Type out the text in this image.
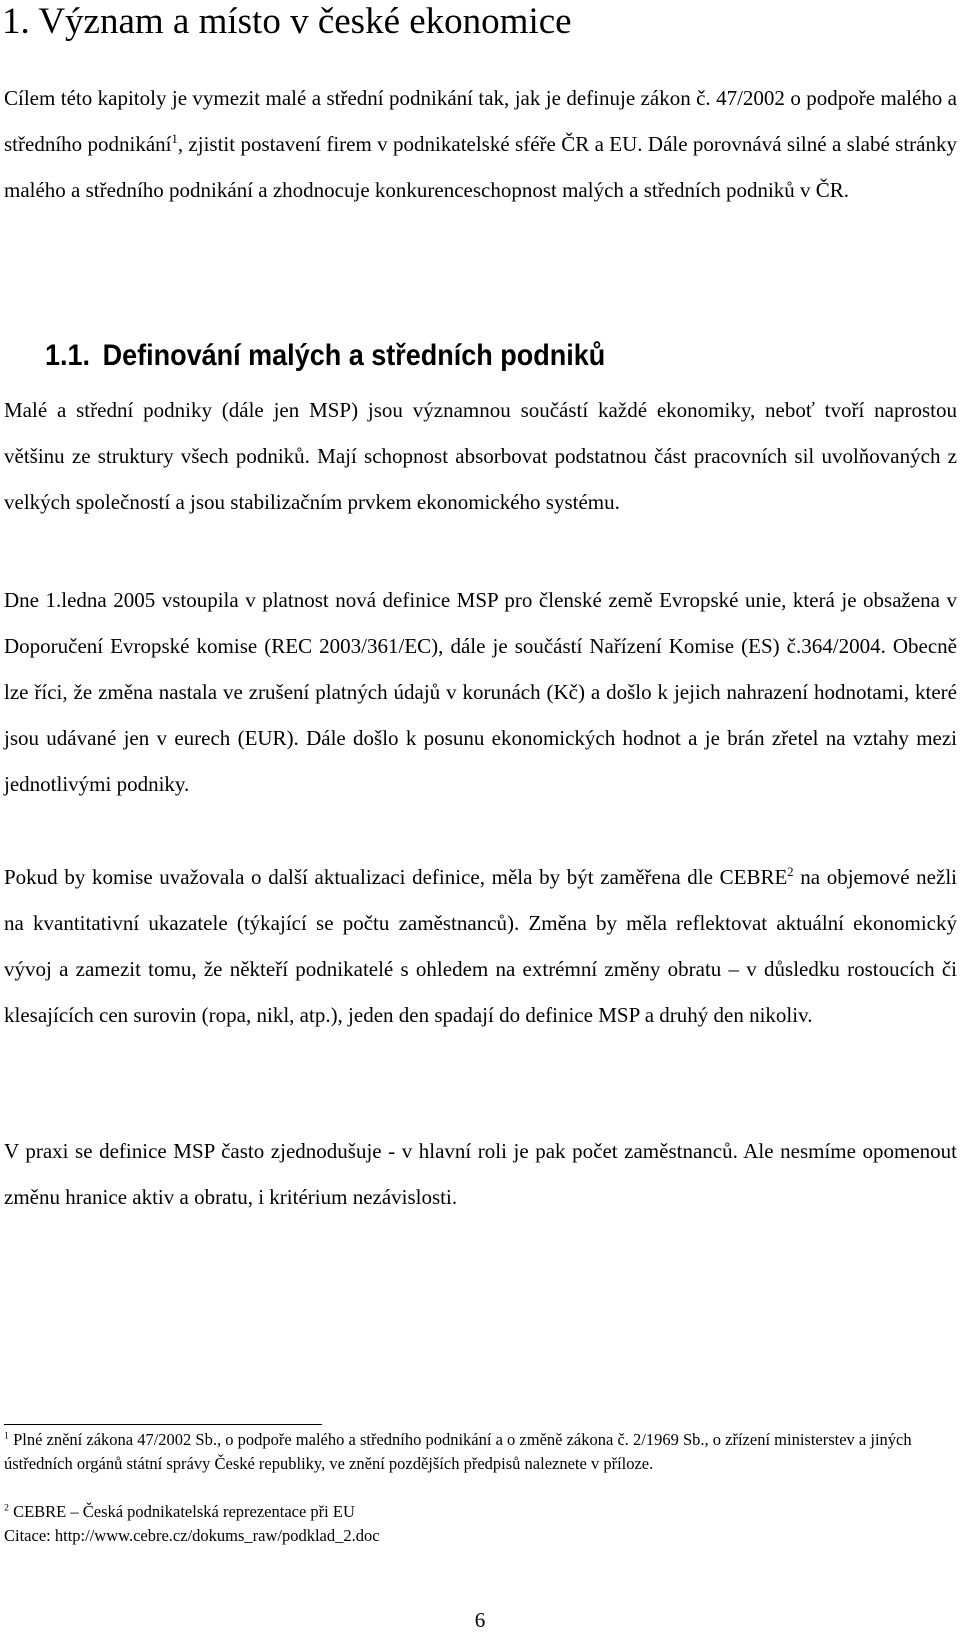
1. Význam a místo v české ekonomice

Cílem této kapitoly je vymezit malé a střední podnikání tak, jak je definuje zákon č. 47/2002 o podpoře malého a středního podnikání$^1$, zjistit postavení firem v podnikatelské sféře ČR a EU. Dále porovnává silné a slabé stránky malého a středního podnikání a zhodnocuje konkurenceschopnost malých a středních podniků v ČR.

1.1. Definování malých a středních podniků

Malé a střední podniky (dále jen MSP) jsou významnou součástí každé ekonomiky, neboť tvoří naprostou většinu ze struktury všech podniků. Mají schopnost absorbovat podstatnou část pracovních sil uvolňovaných z velkých společností a jsou stabilizačním prvkem ekonomického systému.

Dne 1.ledna 2005 vstoupila v platnost nová definice MSP pro členské země Evropské unie, která je obsažena v Doporučení Evropské komise (REC 2003/361/EC), dále je součástí Nařízení Komise (ES) č.364/2004. Obecně lze říci, že změna nastala ve zrušení platných údajů v korunách (Kč) a došlo k jejich nahrazení hodnotami, které jsou udávané jen v eurech (EUR). Dále došlo k posunu ekonomických hodnot a je brán zřetel na vztahy mezi jednotlivými podniky.

Pokud by komise uvažovala o další aktualizaci definice, měla by být zaměřena dle CEBRE$^2$ na objemové nežli na kvantitativní ukazatele (týkající se počtu zaměstnanců). Změna by měla reflektovat aktuální ekonomický vývoj a zamezit tomu, že někteří podnikatelé s ohledem na extrémní změny obratu – v důsledku rostoucích či klesajících cen surovin (ropa, nikl, atp.), jeden den spadají do definice MSP a druhý den nikoliv.

V praxi se definice MSP často zjednodušuje - v hlavní roli je pak počet zaměstnanců. Ale nesmíme opomenout změnu hranice aktiv a obratu, i kritérium nezávislosti.

$^1$ Plné znění zákona 47/2002 Sb., o podpoře malého a středního podnikání a o změně zákona č. 2/1969 Sb., o zřízení ministerstev a jiných ústředních orgánů státní správy České republiky, ve znění pozdějších předpisů naleznete v příloze.

$^2$ CEBRE – Česká podnikatelská reprezentace při EU

Citace: http://www.cebre.cz/dokums_raw/podklad_2.doc

6
